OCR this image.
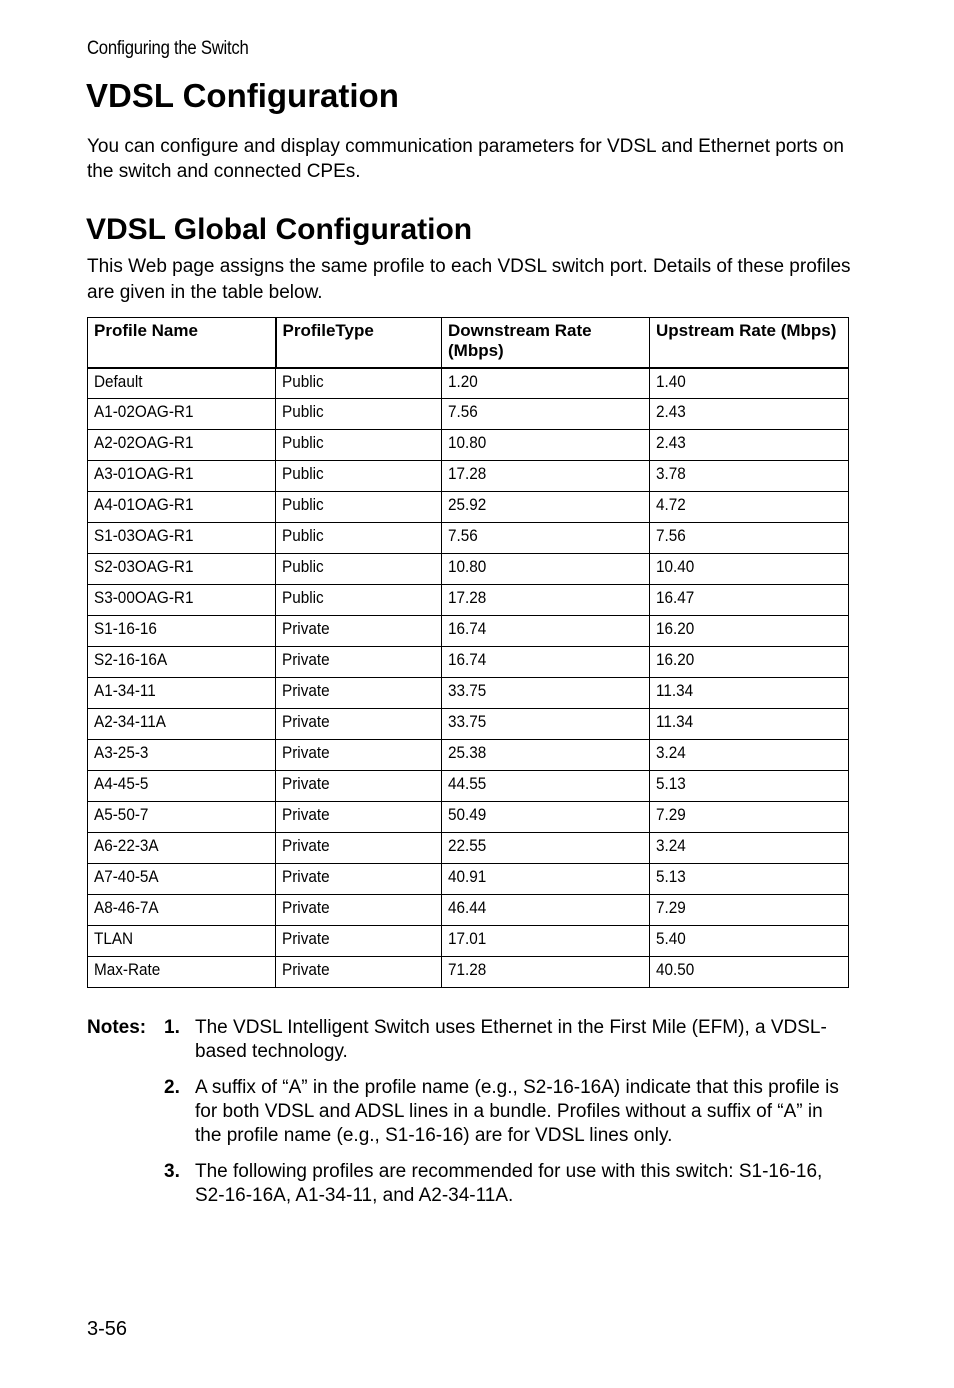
Configuring the Switch
VDSL Configuration

You can configure and display communication parameters for VDSL and Ethernet ports on the switch and connected CPEs.

VDSL Global Configuration

This Web page assigns the same profile to each VDSL switch port. Details of these profiles are given in the table below.

Profile Name	ProfileType	Downstream Rate (Mbps)	Upstream Rate (Mbps)
Default	Public	1.20	1.40
A1-02OAG-R1	Public	7.56	2.43
A2-02OAG-R1	Public	10.80	2.43
A3-01OAG-R1	Public	17.28	3.78
A4-01OAG-R1	Public	25.92	4.72
S1-03OAG-R1	Public	7.56	7.56
S2-03OAG-R1	Public	10.80	10.40
S3-00OAG-R1	Public	17.28	16.47
S1-16-16	Private	16.74	16.20
S2-16-16A	Private	16.74	16.20
A1-34-11	Private	33.75	11.34
A2-34-11A	Private	33.75	11.34
A3-25-3	Private	25.38	3.24
A4-45-5	Private	44.55	5.13
A5-50-7	Private	50.49	7.29
A6-22-3A	Private	22.55	3.24
A7-40-5A	Private	40.91	5.13
A8-46-7A	Private	46.44	7.29
TLAN	Private	17.01	5.40
Max-Rate	Private	71.28	40.50
Notes: 1. The VDSL Intelligent Switch uses Ethernet in the First Mile (EFM), a VDSL-based technology.
2. A suffix of “A” in the profile name (e.g., S2-16-16A) indicate that this profile is for both VDSL and ADSL lines in a bundle. Profiles without a suffix of “A” in the profile name (e.g., S1-16-16) are for VDSL lines only.
3. The following profiles are recommended for use with this switch: S1-16-16, S2-16-16A, A1-34-11, and A2-34-11A.
3-56
